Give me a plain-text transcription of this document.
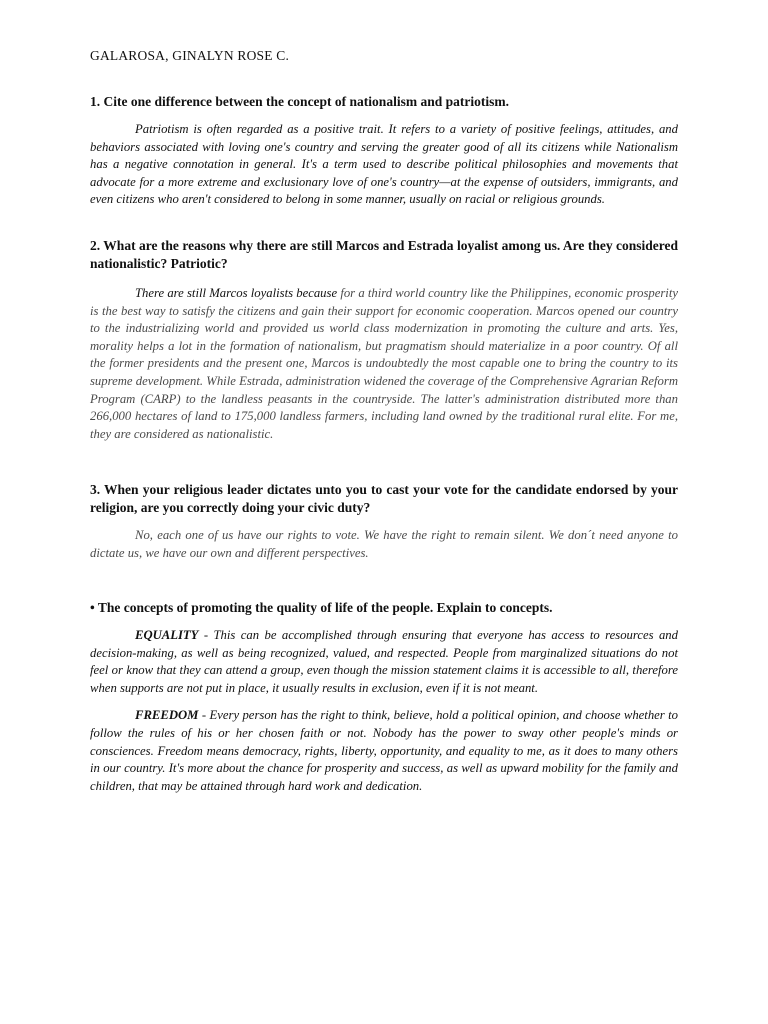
GALAROSA, GINALYN ROSE C.

1. Cite one difference between the concept of nationalism and patriotism.

Patriotism is often regarded as a positive trait. It refers to a variety of positive feelings, attitudes, and behaviors associated with loving one's country and serving the greater good of all its citizens while Nationalism has a negative connotation in general. It's a term used to describe political philosophies and movements that advocate for a more extreme and exclusionary love of one's country—at the expense of outsiders, immigrants, and even citizens who aren't considered to belong in some manner, usually on racial or religious grounds.

2. What are the reasons why there are still Marcos and Estrada loyalist among us. Are they considered nationalistic? Patriotic?

There are still Marcos loyalists because for a third world country like the Philippines, economic prosperity is the best way to satisfy the citizens and gain their support for economic cooperation. Marcos opened our country to the industrializing world and provided us world class modernization in promoting the culture and arts. Yes, morality helps a lot in the formation of nationalism, but pragmatism should materialize in a poor country. Of all the former presidents and the present one, Marcos is undoubtedly the most capable one to bring the country to its supreme development. While Estrada, administration widened the coverage of the Comprehensive Agrarian Reform Program (CARP) to the landless peasants in the countryside. The latter's administration distributed more than 266,000 hectares of land to 175,000 landless farmers, including land owned by the traditional rural elite. For me, they are considered as nationalistic.

3. When your religious leader dictates unto you to cast your vote for the candidate endorsed by your religion, are you correctly doing your civic duty?

No, each one of us have our rights to vote. We have the right to remain silent. We don´t need anyone to dictate us, we have our own and different perspectives.

• The concepts of promoting the quality of life of the people. Explain to concepts.

EQUALITY - This can be accomplished through ensuring that everyone has access to resources and decision-making, as well as being recognized, valued, and respected. People from marginalized situations do not feel or know that they can attend a group, even though the mission statement claims it is accessible to all, therefore when supports are not put in place, it usually results in exclusion, even if it is not meant.

FREEDOM - Every person has the right to think, believe, hold a political opinion, and choose whether to follow the rules of his or her chosen faith or not. Nobody has the power to sway other people's minds or consciences. Freedom means democracy, rights, liberty, opportunity, and equality to me, as it does to many others in our country. It's more about the chance for prosperity and success, as well as upward mobility for the family and children, that may be attained through hard work and dedication.
